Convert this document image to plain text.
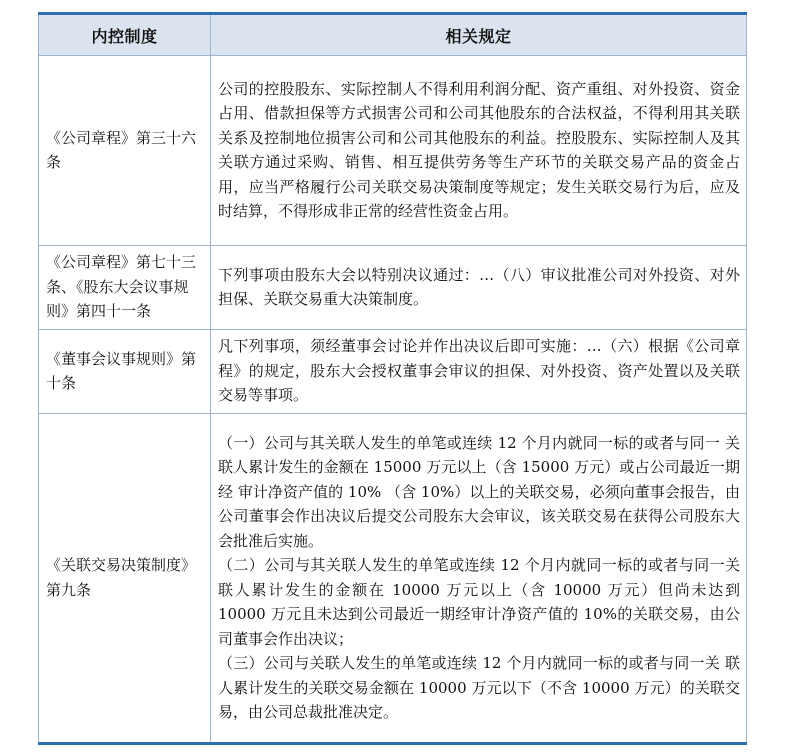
内控制度	相关规定
《公司章程》第三十六条	公司的控股股东、实际控制人不得利用利润分配、资产重组、对外投资、资金占用、借款担保等方式损害公司和公司其他股东的合法权益，不得利用其关联关系及控制地位损害公司和公司其他股东的利益。控股股东、实际控制人及其关联方通过采购、销售、相互提供劳务等生产环节的关联交易产品的资金占用，应当严格履行公司关联交易决策制度等规定；发生关联交易行为后，应及时结算，不得形成非正常的经营性资金占用。

《公司章程》第七十三条、《股东大会议事规则》第四十一条	下列事项由股东大会以特别决议通过：…（八）审议批准公司对外投资、对外担保、关联交易重大决策制度。

《董事会议事规则》第十条	凡下列事项，须经董事会讨论并作出决议后即可实施：…（六）根据《公司章程》的规定，股东大会授权董事会审议的担保、对外投资、资产处置以及关联交易等事项。

《关联交易决策制度》第九条	（一）公司与其关联人发生的单笔或连续 12 个月内就同一标的或者与同一 关联人累计发生的金额在 15000 万元以上（含 15000 万元）或占公司最近一期经 审计净资产值的 10% （含 10%）以上的关联交易，必须向董事会报告，由公司董事会作出决议后提交公司股东大会审议，该关联交易在获得公司股东大会批准后实施。

（二）公司与其关联人发生的单笔或连续 12 个月内就同一标的或者与同一关联人累计发生的金额在 10000 万元以上（含 10000 万元）但尚未达到 10000 万元且未达到公司最近一期经审计净资产值的 10%的关联交易，由公司董事会作出决议；

（三）公司与关联人发生的单笔或连续 12 个月内就同一标的或者与同一关 联人累计发生的关联交易金额在 10000 万元以下（不含 10000 万元）的关联交易，由公司总裁批准决定。
